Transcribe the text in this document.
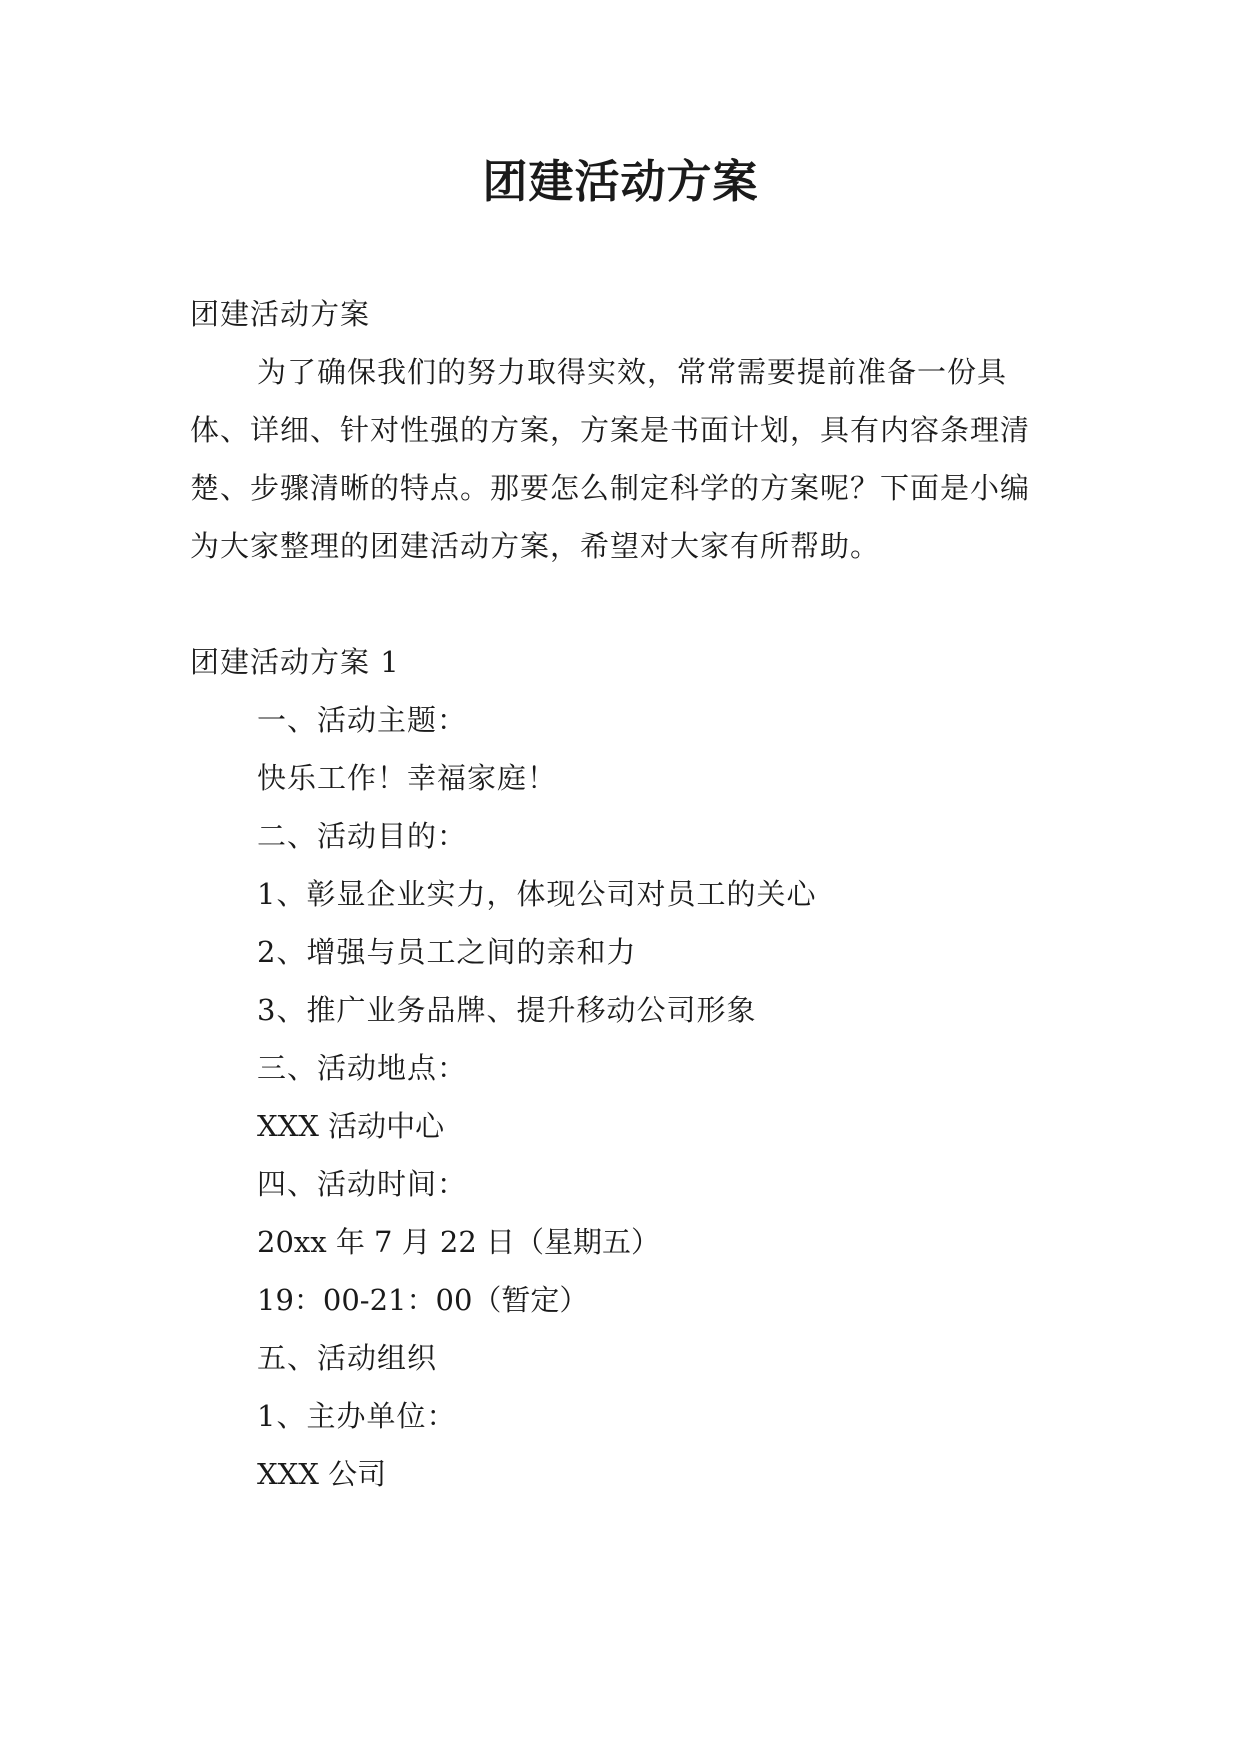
团建活动方案

团建活动方案

为了确保我们的努力取得实效，常常需要提前准备一份具体、详细、针对性强的方案，方案是书面计划，具有内容条理清楚、步骤清晰的特点。那要怎么制定科学的方案呢？下面是小编为大家整理的团建活动方案，希望对大家有所帮助。

团建活动方案 1

一、活动主题：

快乐工作！幸福家庭！

二、活动目的：

1、彰显企业实力，体现公司对员工的关心

2、增强与员工之间的亲和力

3、推广业务品牌、提升移动公司形象

三、活动地点：

XXX 活动中心

四、活动时间：

20xx 年 7 月 22 日（星期五）

19：00-21：00（暂定）

五、活动组织

1、主办单位：

XXX 公司
